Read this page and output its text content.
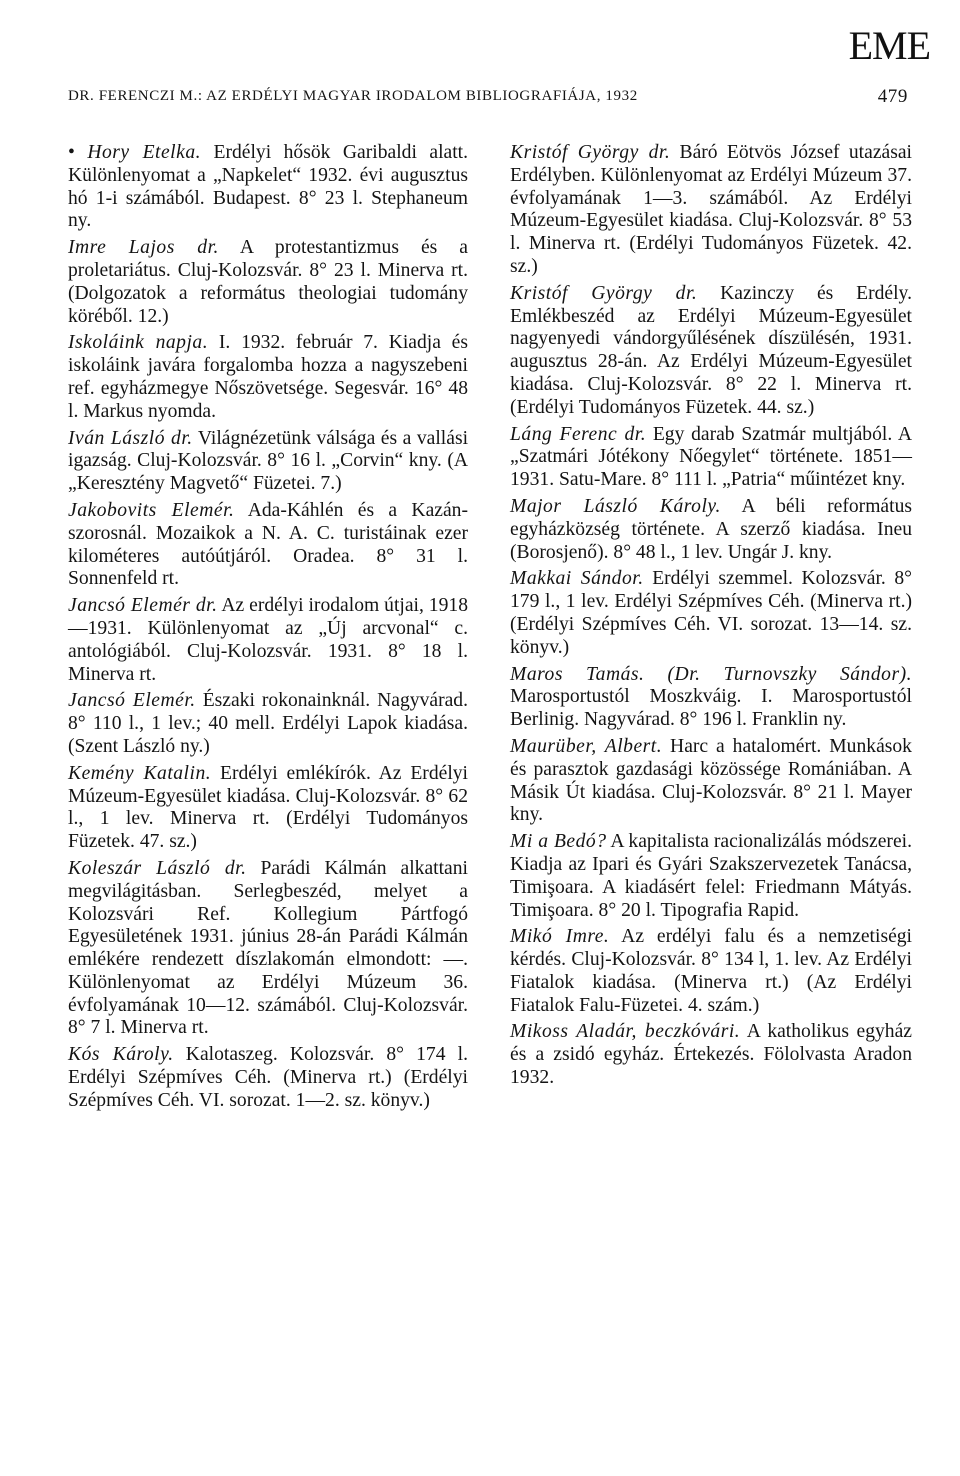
EME
DR. FERENCZI M.: AZ ERDÉLYI MAGYAR IRODALOM BIBLIOGRAFIÁJA, 1932	479

• Hory Etelka. Erdélyi hősök Garibaldi alatt. Különlenyomat a „Napkelet“ 1932. évi augusztus hó 1-i számából. Budapest. 8° 23 l. Stephaneum ny.

Imre Lajos dr. A protestantizmus és a proletariátus. Cluj-Kolozsvár. 8° 23 l. Minerva rt. (Dolgozatok a református theologiai tudomány köréből. 12.)

Iskoláink napja. I. 1932. február 7. Kiadja és iskoláink javára forgalomba hozza a nagyszebeni ref. egyházmegye Nőszövetsége. Segesvár. 16° 48 l. Markus nyomda.

Iván László dr. Világnézetünk válsága és a vallási igazság. Cluj-Kolozsvár. 8° 16 l. „Corvin“ kny. (A „Keresztény Magvető“ Füzetei. 7.)

Jakobovits Elemér. Ada-Káhlén és a Kazán-szorosnál. Mozaikok a N. A. C. turistáinak ezer kilométeres autóútjáról. Oradea. 8° 31 l. Sonnenfeld rt.

Jancsó Elemér dr. Az erdélyi irodalom útjai, 1918—1931. Különlenyomat az „Új arcvonal“ c. antológiából. Cluj-Kolozsvár. 1931. 8° 18 l. Minerva rt.

Jancsó Elemér. Északi rokonainknál. Nagyvárad. 8° 110 l., 1 lev.; 40 mell. Erdélyi Lapok kiadása. (Szent László ny.)

Kemény Katalin. Erdélyi emlékírók. Az Erdélyi Múzeum-Egyesület kiadása. Cluj-Kolozsvár. 8° 62 l., 1 lev. Minerva rt. (Erdélyi Tudományos Füzetek. 47. sz.)

Koleszár László dr. Parádi Kálmán alkattani megvilágitásban. Serlegbeszéd, melyet a Kolozsvári Ref. Kollegium Pártfogó Egyesületének 1931. június 28-án Parádi Kálmán emlékére rendezett díszlakomán elmondott: —. Különlenyomat az Erdélyi Múzeum 36. évfolyamának 10—12. számából. Cluj-Kolozsvár. 8° 7 l. Minerva rt.

Kós Károly. Kalotaszeg. Kolozsvár. 8° 174 l. Erdélyi Szépmíves Céh. (Minerva rt.) (Erdélyi Szépmíves Céh. VI. sorozat. 1—2. sz. könyv.)

Kristóf György dr. Báró Eötvös József utazásai Erdélyben. Különlenyomat az Erdélyi Múzeum 37. évfolyamának 1—3. számából. Az Erdélyi Múzeum-Egyesület kiadása. Cluj-Kolozsvár. 8° 53 l. Minerva rt. (Erdélyi Tudományos Füzetek. 42. sz.)

Kristóf György dr. Kazinczy és Erdély. Emlékbeszéd az Erdélyi Múzeum-Egyesület nagyenyedi vándorgyűlésének díszülésén, 1931. augusztus 28-án. Az Erdélyi Múzeum-Egyesület kiadása. Cluj-Kolozsvár. 8° 22 l. Minerva rt. (Erdélyi Tudományos Füzetek. 44. sz.)

Láng Ferenc dr. Egy darab Szatmár multjából. A „Szatmári Jótékony Nőegylet“ története. 1851—1931. Satu-Mare. 8° 111 l. „Patria“ műintézet kny.

Major László Károly. A béli református egyházközség története. A szerző kiadása. Ineu (Borosjenő). 8° 48 l., 1 lev. Ungár J. kny.

Makkai Sándor. Erdélyi szemmel. Kolozsvár. 8° 179 l., 1 lev. Erdélyi Szépmíves Céh. (Minerva rt.) (Erdélyi Szépmíves Céh. VI. sorozat. 13—14. sz. könyv.)

Maros Tamás. (Dr. Turnovszky Sándor). Marosportustól Moszkváig. I. Marosportustól Berlinig. Nagyvárad. 8° 196 l. Franklin ny.

Maurüber, Albert. Harc a hatalomért. Munkások és parasztok gazdasági közössége Romániában. A Másik Út kiadása. Cluj-Kolozsvár. 8° 21 l. Mayer kny.

Mi a Bedó? A kapitalista racionalizálás módszerei. Kiadja az Ipari és Gyári Szakszervezetek Tanácsa, Timişoara. A kiadásért felel: Friedmann Mátyás. Timişoara. 8° 20 l. Tipografia Rapid.

Mikó Imre. Az erdélyi falu és a nemzetiségi kérdés. Cluj-Kolozsvár. 8° 134 l, 1. lev. Az Erdélyi Fiatalok kiadása. (Minerva rt.) (Az Erdélyi Fiatalok Falu-Füzetei. 4. szám.)

Mikoss Aladár, beczkóvári. A katholikus egyház és a zsidó egyház. Értekezés. Fölolvasta Aradon 1932.
